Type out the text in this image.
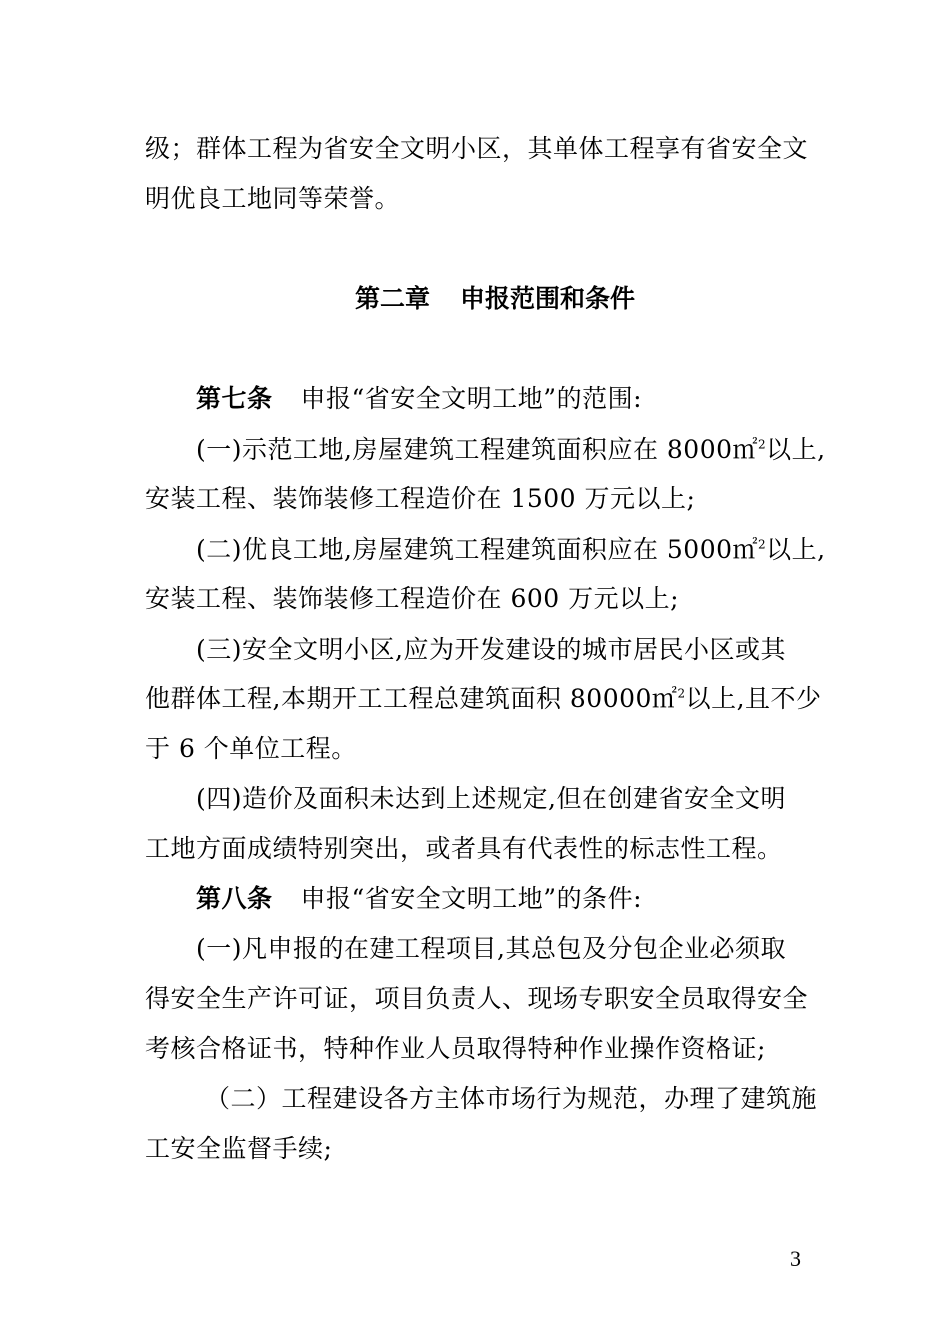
级；群体工程为省安全文明小区，其单体工程享有省安全文
明优良工地同等荣誉。
第二章 申报范围和条件
第七条 申报“省安全文明工地”的范围:
(一)示范工地,房屋建筑工程建筑面积应在 8000㎡$^2$以上,
安装工程、装饰装修工程造价在 1500 万元以上;
(二)优良工地,房屋建筑工程建筑面积应在 5000㎡$^2$以上,
安装工程、装饰装修工程造价在 600 万元以上;
(三)安全文明小区,应为开发建设的城市居民小区或其
他群体工程,本期开工工程总建筑面积 80000㎡$^2$以上,且不少
于 6 个单位工程。
(四)造价及面积未达到上述规定,但在创建省安全文明
工地方面成绩特别突出，或者具有代表性的标志性工程。
第八条 申报“省安全文明工地”的条件:
(一)凡申报的在建工程项目,其总包及分包企业必须取
得安全生产许可证，项目负责人、现场专职安全员取得安全
考核合格证书，特种作业人员取得特种作业操作资格证;
（二）工程建设各方主体市场行为规范，办理了建筑施
工安全监督手续;
3
